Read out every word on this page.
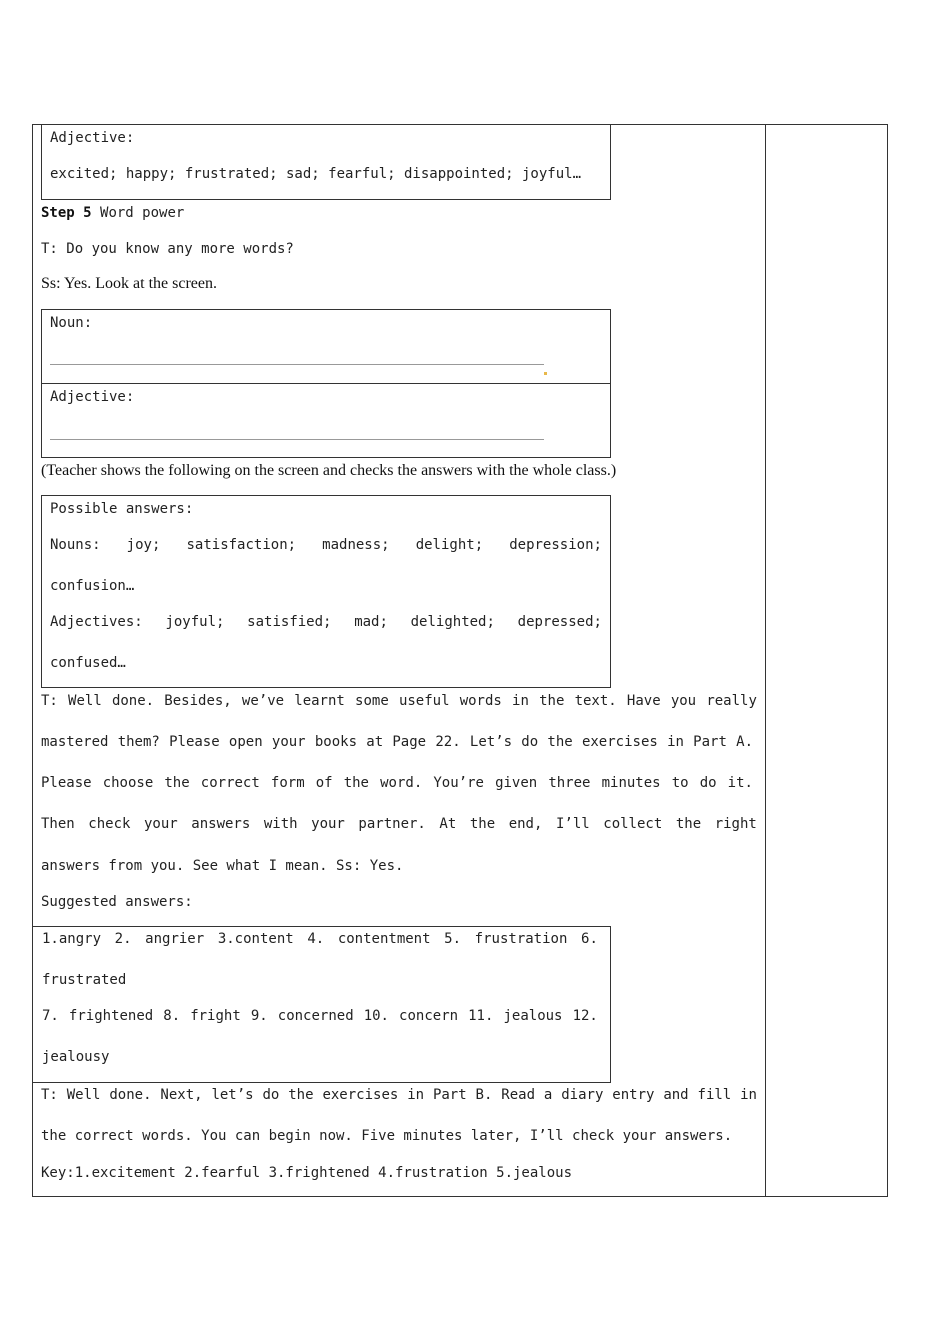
Adjective:
excited; happy; frustrated; sad; fearful; disappointed; joyful…
Step 5 Word power
T: Do you know any more words?
Ss: Yes. Look at the screen.
Noun:
Adjective:
(Teacher shows the following on the screen and checks the answers with the whole class.)
Possible answers:
Nouns: joy; satisfaction; madness; delight; depression;
confusion…
Adjectives: joyful; satisfied; mad; delighted; depressed;
confused…
T: Well done. Besides, we’ve learnt some useful words in the text. Have you really
mastered them? Please open your books at Page 22. Let’s do the exercises in Part A.
Please choose the correct form of the word. You’re given three minutes to do it.
Then check your answers with your partner. At the end, I’ll collect the right
answers from you. See what I mean. Ss: Yes.
Suggested answers:
1.angry 2. angrier 3.content 4. contentment 5. frustration 6.
frustrated
7. frightened 8. fright 9. concerned 10. concern 11. jealous 12.
jealousy
T: Well done. Next, let’s do the exercises in Part B. Read a diary entry and fill in
the correct words. You can begin now. Five minutes later, I’ll check your answers.
Key:1.excitement 2.fearful 3.frightened 4.frustration 5.jealous
